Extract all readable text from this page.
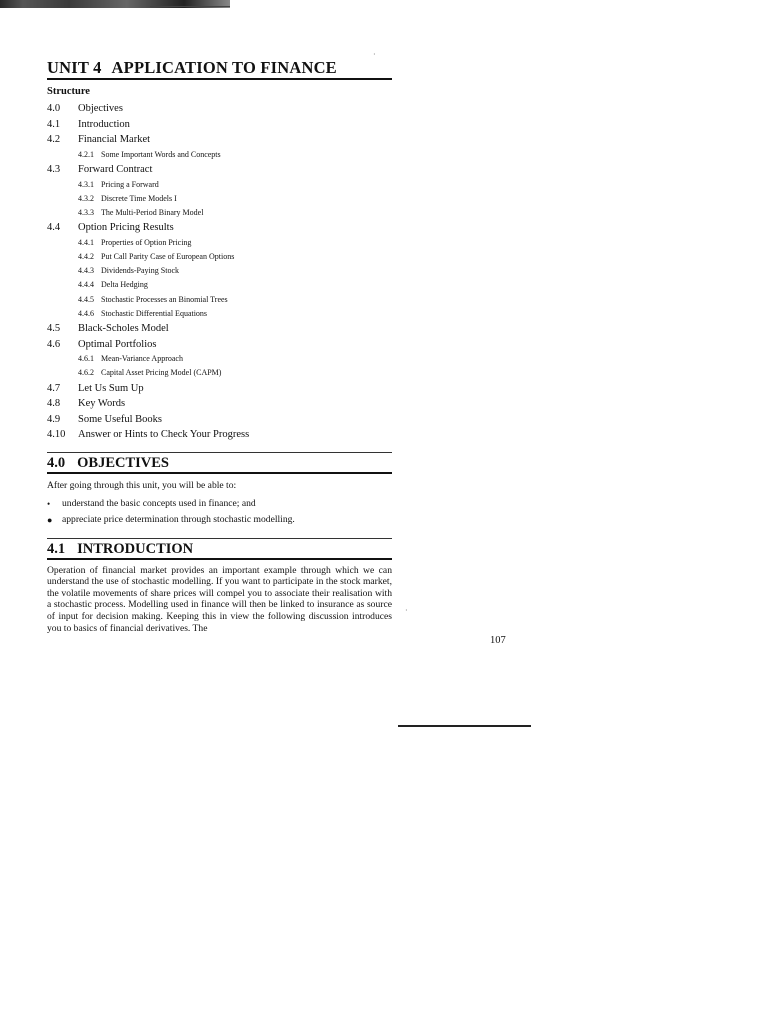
·
·
UNIT 4 APPLICATION TO FINANCE
Structure
4.0	Objectives
4.1	Introduction
4.2	Financial Market
4.2.1 Some Important Words and Concepts
4.3	Forward Contract
4.3.1 Pricing a Forward
4.3.2 Discrete Time Models I
4.3.3 The Multi-Period Binary Model
4.4	Option Pricing Results
4.4.1 Properties of Option Pricing
4.4.2 Put Call Parity Case of European Options
4.4.3 Dividends-Paying Stock
4.4.4 Delta Hedging
4.4.5 Stochastic Processes an Binomial Trees
4.4.6 Stochastic Differential Equations
4.5	Black-Scholes Model
4.6	Optimal Portfolios
4.6.1 Mean-Variance Approach
4.6.2 Capital Asset Pricing Model (CAPM)
4.7	Let Us Sum Up
4.8	Key Words
4.9	Some Useful Books
4.10	Answer or Hints to Check Your Progress
4.0 OBJECTIVES
After going through this unit, you will be able to:
•	understand the basic concepts used in finance; and
● appreciate price determination through stochastic modelling.
4.1 INTRODUCTION
Operation of financial market provides an important example through which we can understand the use of stochastic modelling. If you want to participate in the stock market, the volatile movements of share prices will compel you to associate their realisation with a stochastic process. Modelling used in finance will then be linked to insurance as source of input for decision making. Keeping this in view the following discussion introduces you to basics of financial derivatives. The
107
